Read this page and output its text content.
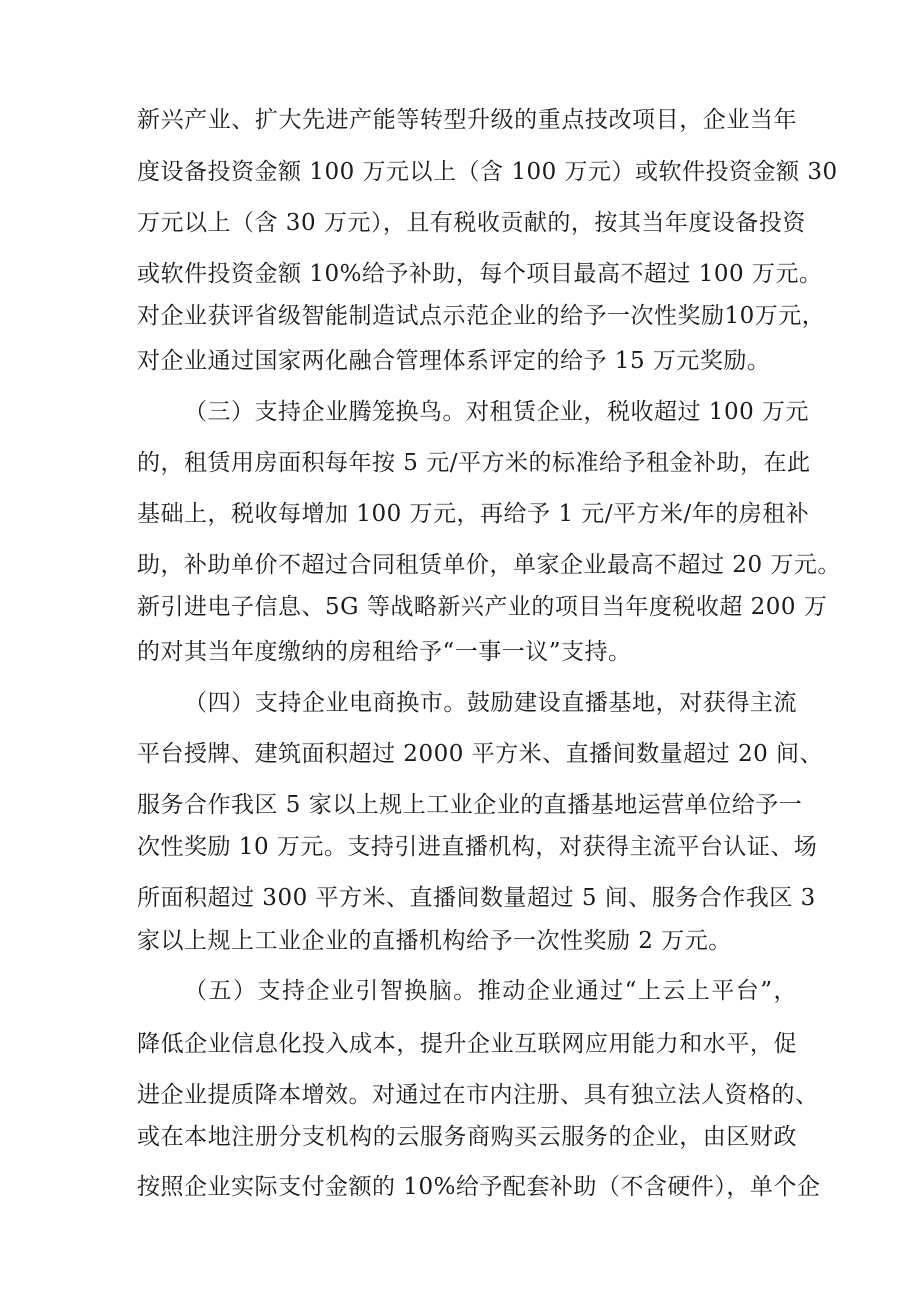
新兴产业、扩大先进产能等转型升级的重点技改项目，企业当年
度设备投资金额 100 万元以上（含 100 万元）或软件投资金额 30
万元以上（含 30 万元），且有税收贡献的，按其当年度设备投资
或软件投资金额 10%给予补助，每个项目最高不超过 100 万元。
对企业获评省级智能制造试点示范企业的给予一次性奖励10万元，
对企业通过国家两化融合管理体系评定的给予 15 万元奖励。
（三）支持企业腾笼换鸟。对租赁企业，税收超过 100 万元
的，租赁用房面积每年按 5 元/平方米的标准给予租金补助，在此
基础上，税收每增加 100 万元，再给予 1 元/平方米/年的房租补
助，补助单价不超过合同租赁单价，单家企业最高不超过 20 万元。
新引进电子信息、5G 等战略新兴产业的项目当年度税收超 200 万
的对其当年度缴纳的房租给予“一事一议”支持。
（四）支持企业电商换市。鼓励建设直播基地，对获得主流
平台授牌、建筑面积超过 2000 平方米、直播间数量超过 20 间、
服务合作我区 5 家以上规上工业企业的直播基地运营单位给予一
次性奖励 10 万元。支持引进直播机构，对获得主流平台认证、场
所面积超过 300 平方米、直播间数量超过 5 间、服务合作我区 3
家以上规上工业企业的直播机构给予一次性奖励 2 万元。
（五）支持企业引智换脑。推动企业通过“上云上平台”，
降低企业信息化投入成本，提升企业互联网应用能力和水平，促
进企业提质降本增效。对通过在市内注册、具有独立法人资格的、
或在本地注册分支机构的云服务商购买云服务的企业，由区财政
按照企业实际支付金额的 10%给予配套补助（不含硬件），单个企
